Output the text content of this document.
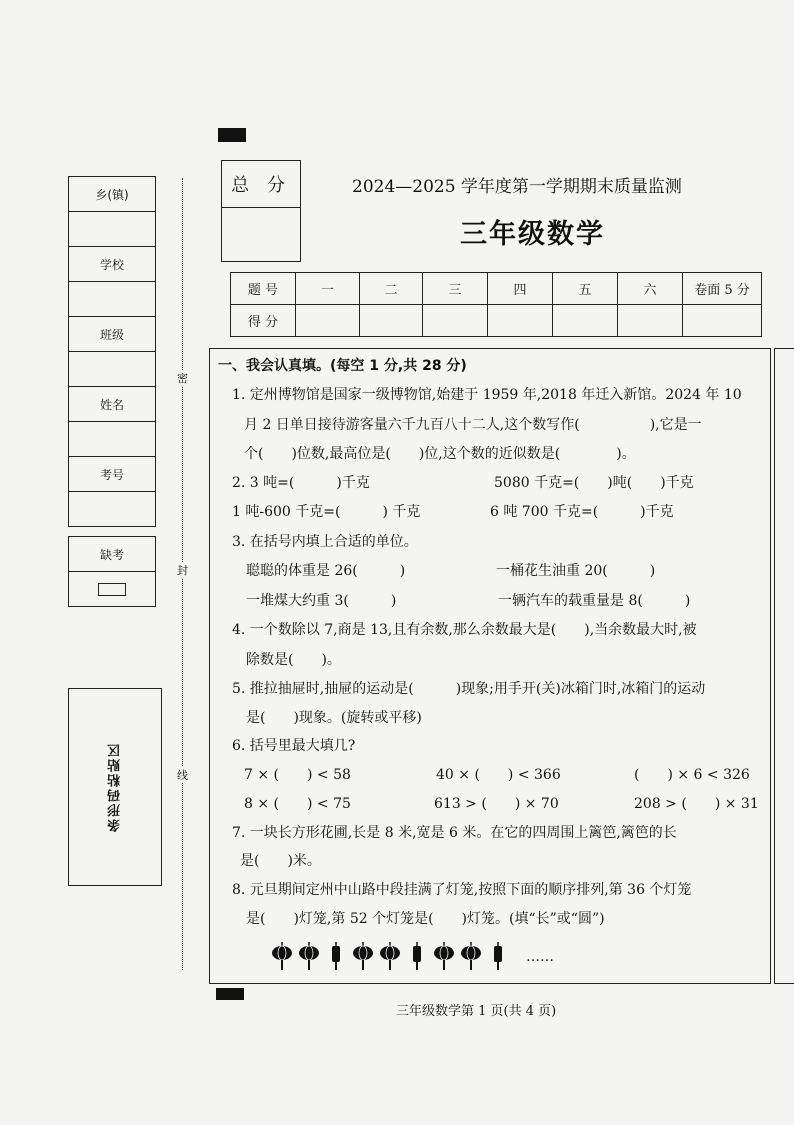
乡(镇)
学校
班级
姓名
考号
缺考
条形码粘贴区
密
封
线
总 分	2024—2025 学年度第一学期期末质量监测
三年级数学
题 号	一	二	三	四	五	六	卷面 5 分
得 分							
一、我会认真填。(每空 1 分,共 28 分)
1. 定州博物馆是国家一级博物馆,始建于 1959 年,2018 年迁入新馆。2024 年 10
月 2 日单日接待游客量六千九百八十二人,这个数写作(　　　　　),它是一
个(　　)位数,最高位是(　　)位,这个数的近似数是(　　　　)。
2. 3 吨=(　　　)千克	5080 千克=(　　)吨(　　)千克
1 吨-600 千克=(　　　) 千克	6 吨 700 千克=(　　　)千克
3. 在括号内填上合适的单位。
聪聪的体重是 26(　　　)	一桶花生油重 20(　　　)
一堆煤大约重 3(　　　)	一辆汽车的载重量是 8(　　　)
4. 一个数除以 7,商是 13,且有余数,那么余数最大是(　　),当余数最大时,被
除数是(　　)。
5. 推拉抽屉时,抽屉的运动是(　　　)现象;用手开(关)冰箱门时,冰箱门的运动
是(　　)现象。(旋转或平移)
6. 括号里最大填几?
7 × (　　) < 58	40 × (　　) < 366	(　　) × 6 < 326
8 × (　　) < 75	613 > (　　) × 70	208 > (　　) × 31
7. 一块长方形花圃,长是 8 米,宽是 6 米。在它的四周围上篱笆,篱笆的长
是(　　)米。
8. 元旦期间定州中山路中段挂满了灯笼,按照下面的顺序排列,第 36 个灯笼
是(　　)灯笼,第 52 个灯笼是(　　)灯笼。(填“长”或“圆”)
……
三年级数学第 1 页(共 4 页)
